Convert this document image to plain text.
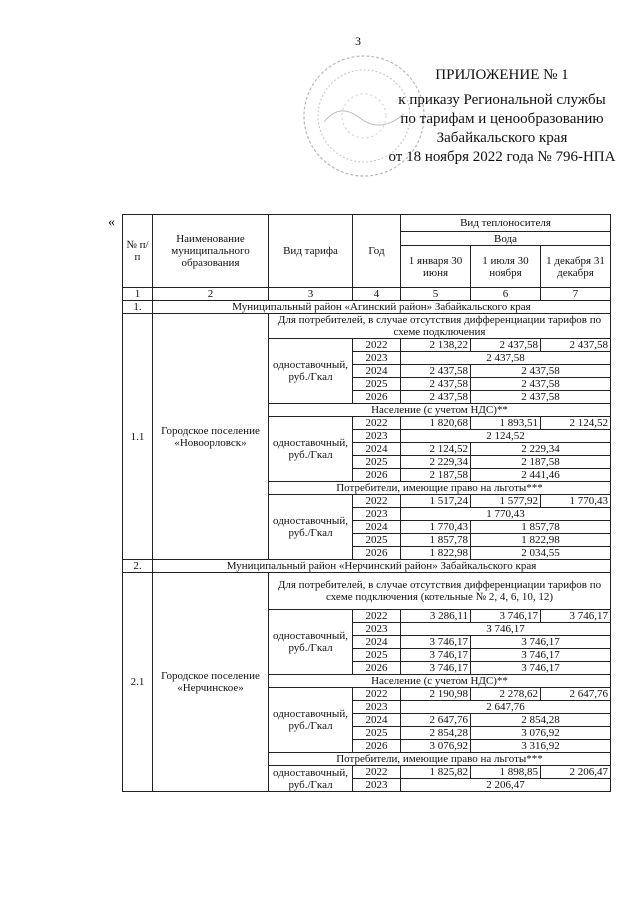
3
ПРИЛОЖЕНИЕ № 1
к приказу Региональной службы
по тарифам и ценообразованию
Забайкальского края
от 18 ноября 2022 года № 796-НПА
«
№ п/п	Наименование муниципального образования	Вид тарифа	Год	Вид теплоносителя		
				Вода		
				1 января 30 июня	1 июля 30 ноября	1 декабря 31 декабря
1	2	3	4	5	6	7
1.	Муниципальный район «Агинский район» Забайкальского края					
1.1	Городское поселение «Новоорловск»	Для потребителей, в случае отсутствия дифференциации тарифов по схеме подключения				
		одноставочный, руб./Гкал	2022	2 138,22	2 437,58	2 437,58
			2023	2 437,58		
			2024	2 437,58	2 437,58	
			2025	2 437,58	2 437,58	
			2026	2 437,58	2 437,58	
		Население (с учетом НДС)**				
		одноставочный, руб./Гкал	2022	1 820,68	1 893,51	2 124,52
			2023	2 124,52		
			2024	2 124,52	2 229,34	
			2025	2 229,34	2 187,58	
			2026	2 187,58	2 441,46	
		Потребители, имеющие право на льготы***				
		одноставочный, руб./Гкал	2022	1 517,24	1 577,92	1 770,43
			2023	1 770,43		
			2024	1 770,43	1 857,78	
			2025	1 857,78	1 822,98	
			2026	1 822,98	2 034,55	
2.	Муниципальный район «Нерчинский район» Забайкальского края					
2.1	Городское поселение «Нерчинское»	Для потребителей, в случае отсутствия дифференциации тарифов по схеме подключения (котельные № 2, 4, 6, 10, 12)				
		одноставочный, руб./Гкал	2022	3 286,11	3 746,17	3 746,17
			2023	3 746,17		
			2024	3 746,17	3 746,17	
			2025	3 746,17	3 746,17	
			2026	3 746,17	3 746,17	
		Население (с учетом НДС)**				
		одноставочный, руб./Гкал	2022	2 190,98	2 278,62	2 647,76
			2023	2 647,76		
			2024	2 647,76	2 854,28	
			2025	2 854,28	3 076,92	
			2026	3 076,92	3 316,92	
		Потребители, имеющие право на льготы***				
		одноставочный, руб./Гкал	2022	1 825,82	1 898,85	2 206,47
			2023	2 206,47		
